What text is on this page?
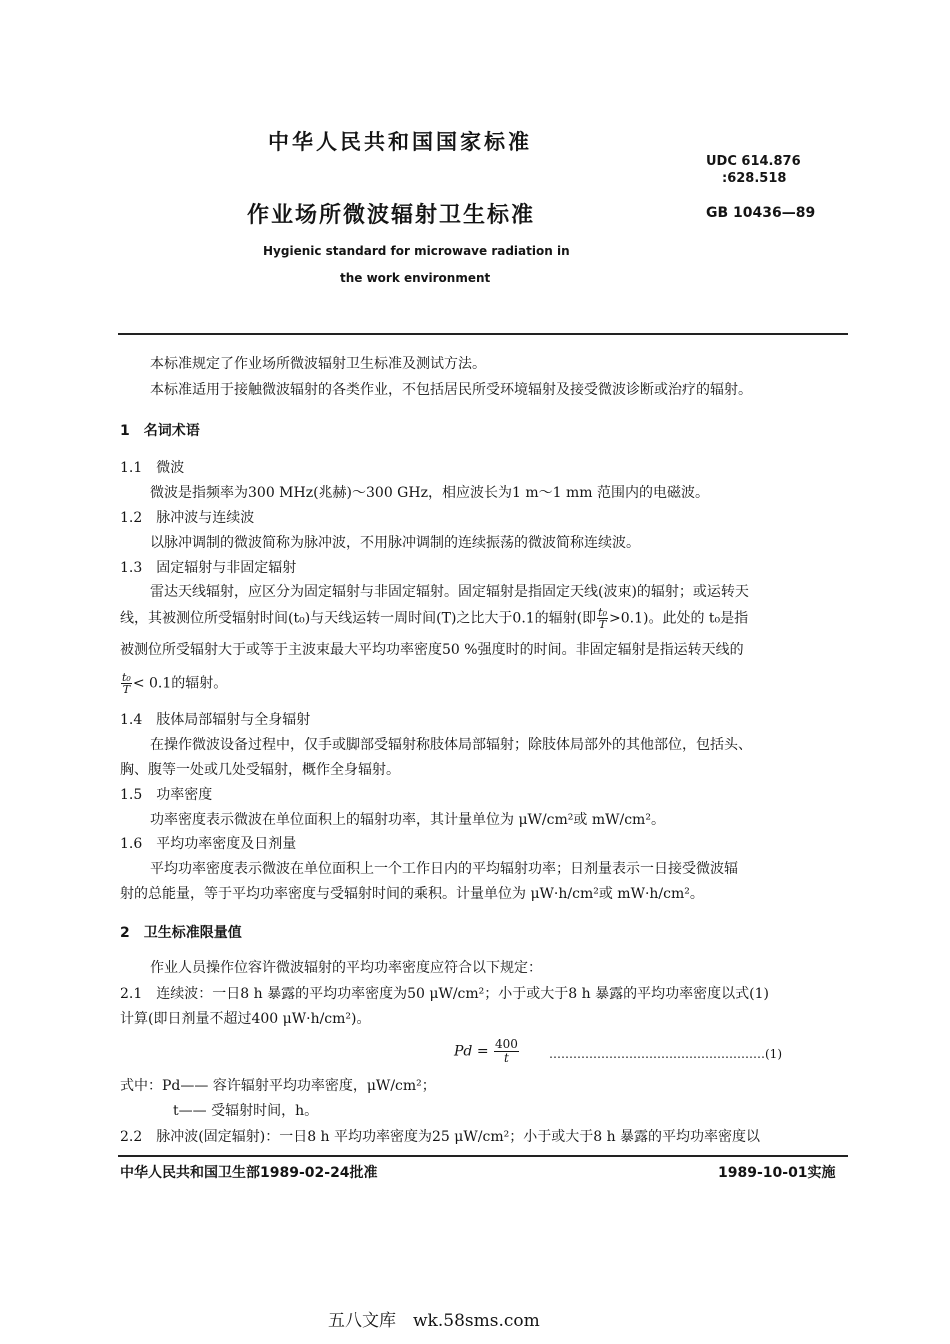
中华人民共和国国家标准
UDC 614.876
:628.518
作业场所微波辐射卫生标准	GB 10436—89
Hygienic standard for microwave radiation in
the work environment
本标准规定了作业场所微波辐射卫生标准及测试方法。
本标准适用于接触微波辐射的各类作业，不包括居民所受环境辐射及接受微波诊断或治疗的辐射。
1　名词术语
1.1　微波
微波是指频率为300 MHz(兆赫)～300 GHz，相应波长为1 m～1 mm 范围内的电磁波。
1.2　脉冲波与连续波
以脉冲调制的微波简称为脉冲波，不用脉冲调制的连续振荡的微波简称连续波。
1.3　固定辐射与非固定辐射
雷达天线辐射，应区分为固定辐射与非固定辐射。固定辐射是指固定天线(波束)的辐射；或运转天
线，其被测位所受辐射时间(t₀)与天线运转一周时间(T)之比大于0.1的辐射(即 $\frac{\text{t₀}}{T} >0.1$)。此处的 t₀是指
被测位所受辐射大于或等于主波束最大平均功率密度50 %强度时的时间。非固定辐射是指运转天线的
$\frac{\text{t₀}}{T} < 0.1$的辐射。
1.4　肢体局部辐射与全身辐射
在操作微波设备过程中，仅手或脚部受辐射称肢体局部辐射；除肢体局部外的其他部位，包括头、
胸、腹等一处或几处受辐射，概作全身辐射。
1.5　功率密度
功率密度表示微波在单位面积上的辐射功率，其计量单位为 μW/cm²或 mW/cm²。
1.6　平均功率密度及日剂量
平均功率密度表示微波在单位面积上一个工作日内的平均辐射功率；日剂量表示一日接受微波辐
射的总能量，等于平均功率密度与受辐射时间的乘积。计量单位为 μW·h/cm²或 mW·h/cm²。
2　卫生标准限量值
作业人员操作位容许微波辐射的平均功率密度应符合以下规定：
2.1　连续波：一日8 h 暴露的平均功率密度为50 μW/cm²；小于或大于8 h 暴露的平均功率密度以式(1)
计算(即日剂量不超过400 μW·h/cm²)。
$Pd = \frac{400}{t}$	………………………………………………(1)
式中：Pd—— 容许辐射平均功率密度，μW/cm²；
t—— 受辐射时间，h。
2.2　脉冲波(固定辐射)：一日8 h 平均功率密度为25 μW/cm²；小于或大于8 h 暴露的平均功率密度以
中华人民共和国卫生部1989-02-24批准	1989-10-01实施
五八文库　wk.58sms.com
